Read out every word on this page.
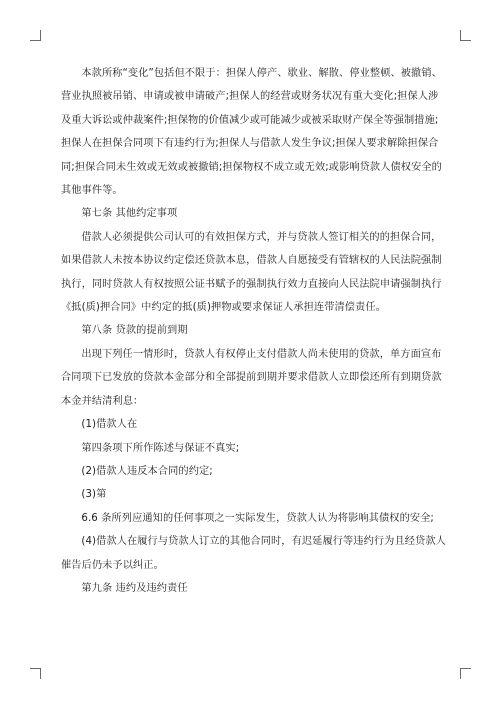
本款所称“变化”包括但不限于：担保人停产、歇业、解散、停业整顿、被撤销、
营业执照被吊销、申请或被申请破产;担保人的经营或财务状况有重大变化;担保人涉
及重大诉讼或仲裁案件;担保物的价值减少或可能减少或被采取财产保全等强制措施;
担保人在担保合同项下有违约行为;担保人与借款人发生争议;担保人要求解除担保合
同;担保合同未生效或无效或被撤销;担保物权不成立或无效;或影响贷款人债权安全的
其他事件等。

第七条 其他约定事项

借款人必须提供公司认可的有效担保方式，并与贷款人签订相关的的担保合同，
如果借款人未按本协议约定偿还贷款本息，借款人自愿接受有管辖权的人民法院强制
执行，同时贷款人有权按照公证书赋予的强制执行效力直接向人民法院申请强制执行
《抵(质)押合同》中约定的抵(质)押物或要求保证人承担连带清偿责任。

第八条 贷款的提前到期

出现下列任一情形时，贷款人有权停止支付借款人尚未使用的贷款，单方面宣布
合同项下已发放的贷款本金部分和全部提前到期并要求借款人立即偿还所有到期贷款
本金并结清利息：

(1)借款人在

第四条项下所作陈述与保证不真实;

(2)借款人违反本合同的约定;

(3)第

6.6 条所列应通知的任何事项之一实际发生，贷款人认为将影响其债权的安全;

(4)借款人在履行与贷款人订立的其他合同时，有迟延履行等违约行为且经贷款人
催告后仍未予以纠正。

第九条 违约及违约责任
